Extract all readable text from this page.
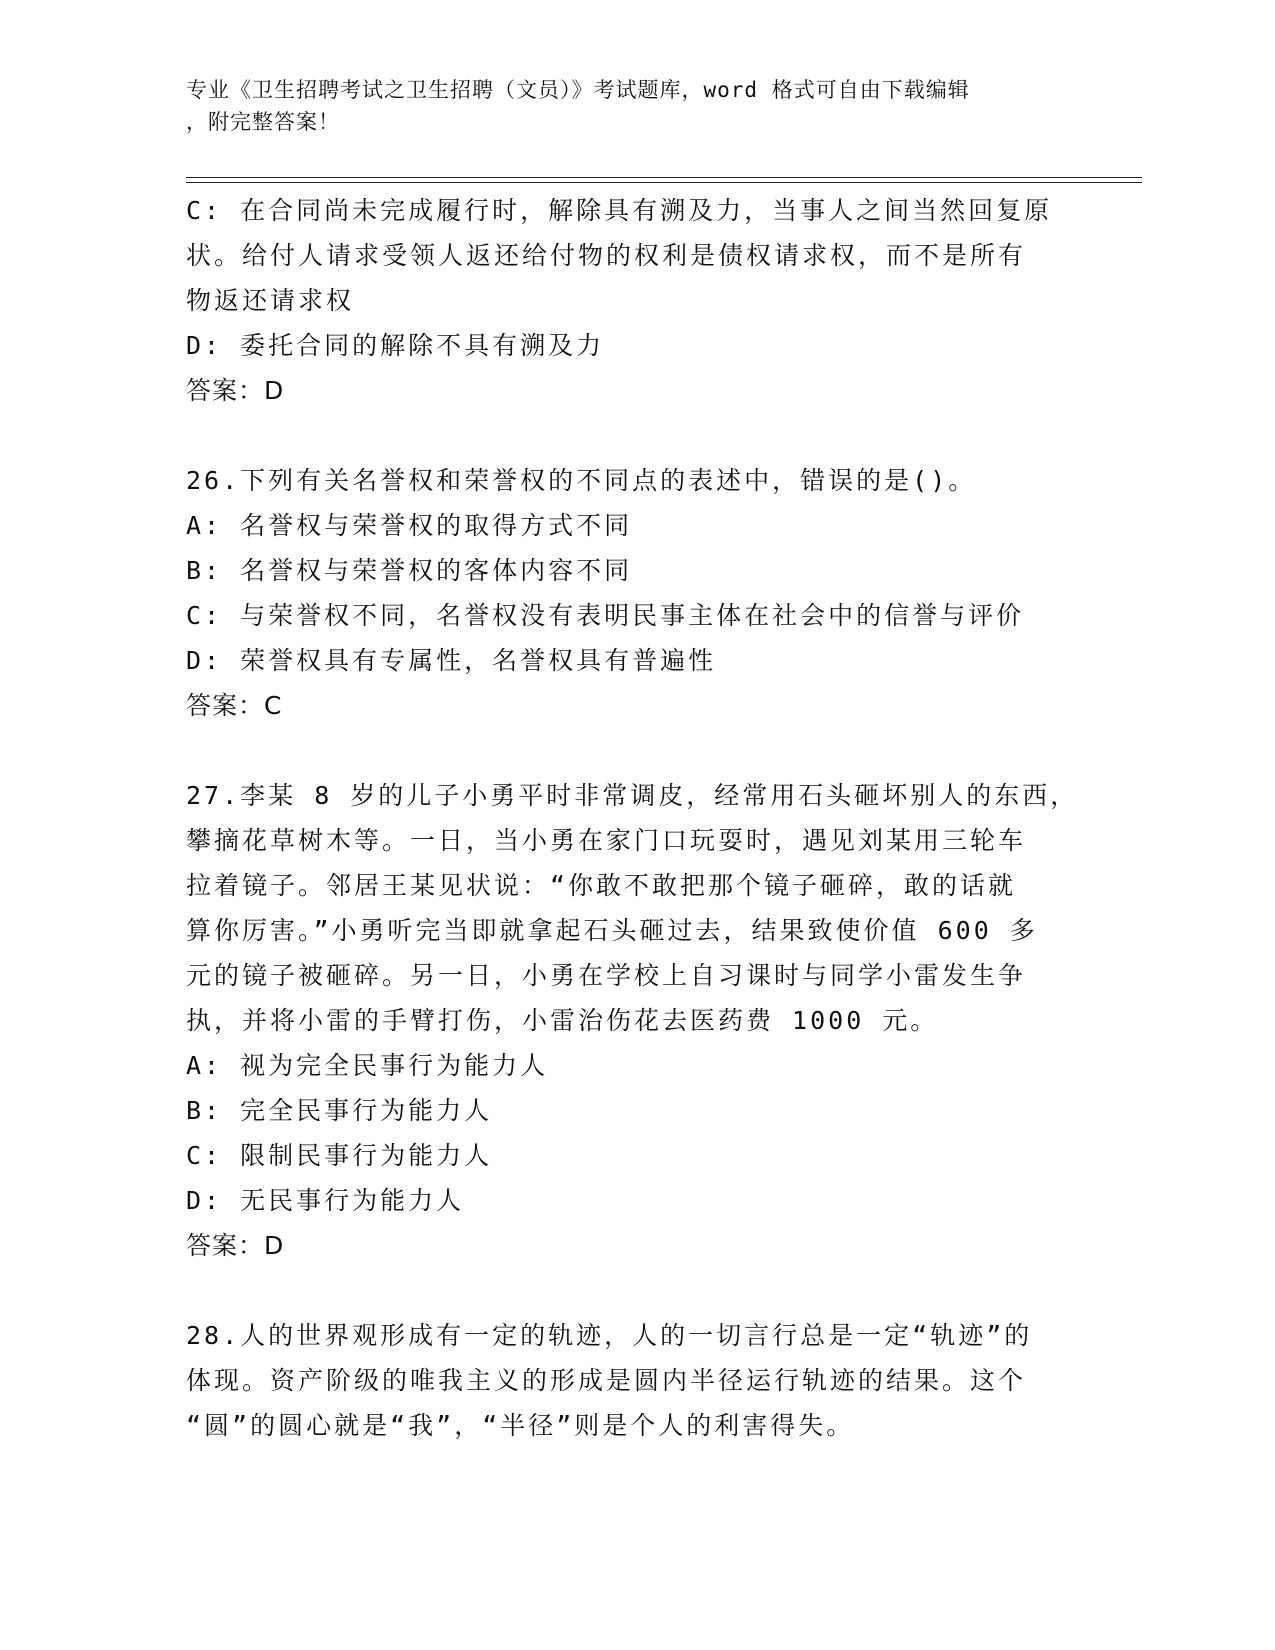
专业《卫生招聘考试之卫生招聘（文员）》考试题库，word 格式可自由下载编辑
，附完整答案！
C: 在合同尚未完成履行时，解除具有溯及力，当事人之间当然回复原
状。给付人请求受领人返还给付物的权利是债权请求权，而不是所有
物返还请求权
D: 委托合同的解除不具有溯及力
答案：D
26.下列有关名誉权和荣誉权的不同点的表述中，错误的是()。
A: 名誉权与荣誉权的取得方式不同
B: 名誉权与荣誉权的客体内容不同
C: 与荣誉权不同，名誉权没有表明民事主体在社会中的信誉与评价
D: 荣誉权具有专属性，名誉权具有普遍性
答案：C
27.李某 8 岁的儿子小勇平时非常调皮，经常用石头砸坏别人的东西，
攀摘花草树木等。一日，当小勇在家门口玩耍时，遇见刘某用三轮车
拉着镜子。邻居王某见状说：“你敢不敢把那个镜子砸碎，敢的话就
算你厉害。”小勇听完当即就拿起石头砸过去，结果致使价值 600 多
元的镜子被砸碎。另一日，小勇在学校上自习课时与同学小雷发生争
执，并将小雷的手臂打伤，小雷治伤花去医药费 1000 元。
A: 视为完全民事行为能力人
B: 完全民事行为能力人
C: 限制民事行为能力人
D: 无民事行为能力人
答案：D
28.人的世界观形成有一定的轨迹，人的一切言行总是一定“轨迹”的
体现。资产阶级的唯我主义的形成是圆内半径运行轨迹的结果。这个
“圆”的圆心就是“我”，“半径”则是个人的利害得失。
